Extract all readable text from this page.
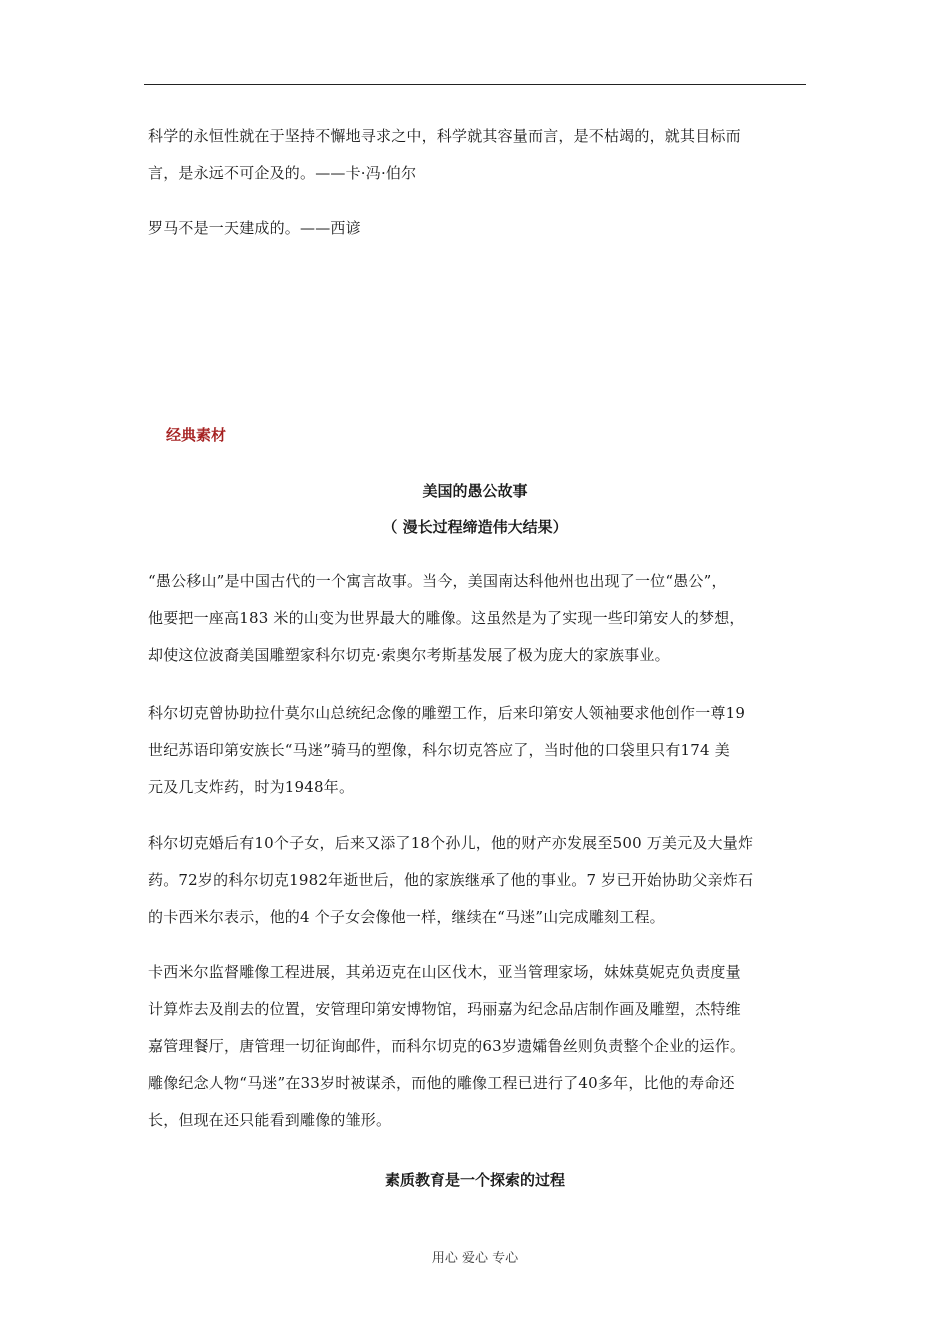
科学的永恒性就在于坚持不懈地寻求之中，科学就其容量而言，是不枯竭的，就其目标而
言，是永远不可企及的。——卡·冯·伯尔

罗马不是一天建成的。——西谚

经典素材

美国的愚公故事

（ 漫长过程缔造伟大结果）

“愚公移山”是中国古代的一个寓言故事。当今，美国南达科他州也出现了一位“愚公”，
他要把一座高183 米的山变为世界最大的雕像。这虽然是为了实现一些印第安人的梦想，
却使这位波裔美国雕塑家科尔切克·索奥尔考斯基发展了极为庞大的家族事业。

科尔切克曾协助拉什莫尔山总统纪念像的雕塑工作，后来印第安人领袖要求他创作一尊19
世纪苏语印第安族长“马迷”骑马的塑像，科尔切克答应了，当时他的口袋里只有174 美
元及几支炸药，时为1948年。

科尔切克婚后有10个子女，后来又添了18个孙儿，他的财产亦发展至500 万美元及大量炸
药。72岁的科尔切克1982年逝世后，他的家族继承了他的事业。7 岁已开始协助父亲炸石
的卡西米尔表示，他的4 个子女会像他一样，继续在“马迷”山完成雕刻工程。

卡西米尔监督雕像工程进展，其弟迈克在山区伐木，亚当管理家场，妹妹莫妮克负责度量
计算炸去及削去的位置，安管理印第安博物馆，玛丽嘉为纪念品店制作画及雕塑，杰特维
嘉管理餐厅，唐管理一切征询邮件，而科尔切克的63岁遗孀鲁丝则负责整个企业的运作。
雕像纪念人物“马迷”在33岁时被谋杀，而他的雕像工程已进行了40多年，比他的寿命还
长，但现在还只能看到雕像的雏形。

素质教育是一个探索的过程

用心 爱心 专心
